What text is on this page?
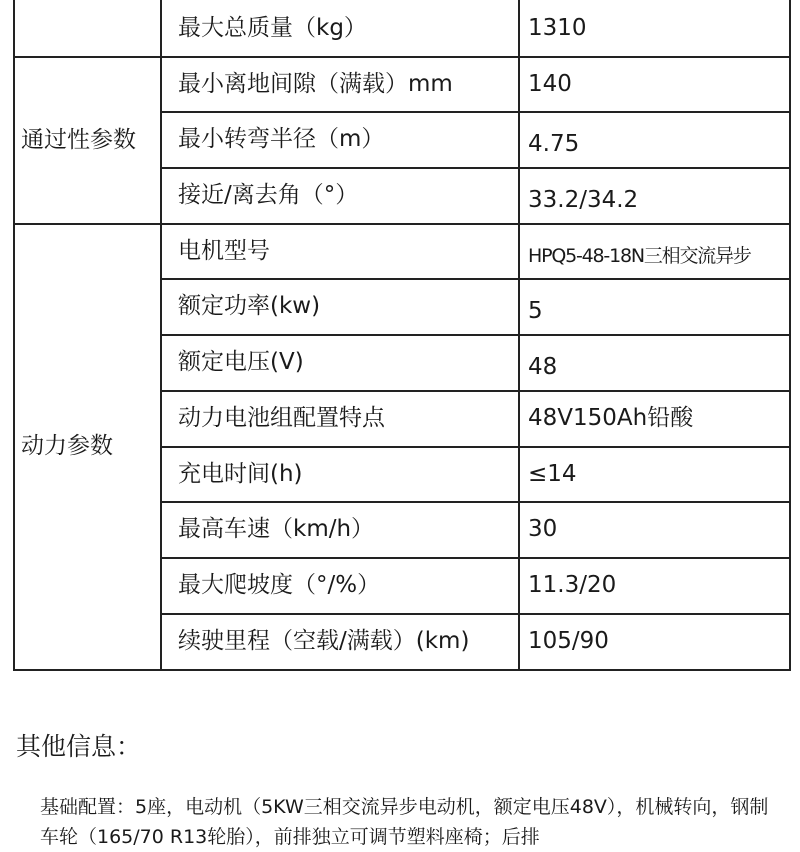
	最大总质量（kg）	1310
通过性参数	最小离地间隙（满载）mm	140
	最小转弯半径（m）	4.75
	接近/离去角（°）	33.2/34.2
动力参数	电机型号	HPQ5-48-18N三相交流异步
	额定功率(kw)	5
	额定电压(V)	48
	动力电池组配置特点	48V150Ah铅酸
	充电时间(h)	≤14
	最高车速（km/h）	30
	最大爬坡度（°/%）	11.3/20
	续驶里程（空载/满载）(km)	105/90
其他信息：
基础配置：5座，电动机（5KW三相交流异步电动机，额定电压48V），机械转向，钢制车轮（165/70 R13轮胎），前排独立可调节塑料座椅；后排
